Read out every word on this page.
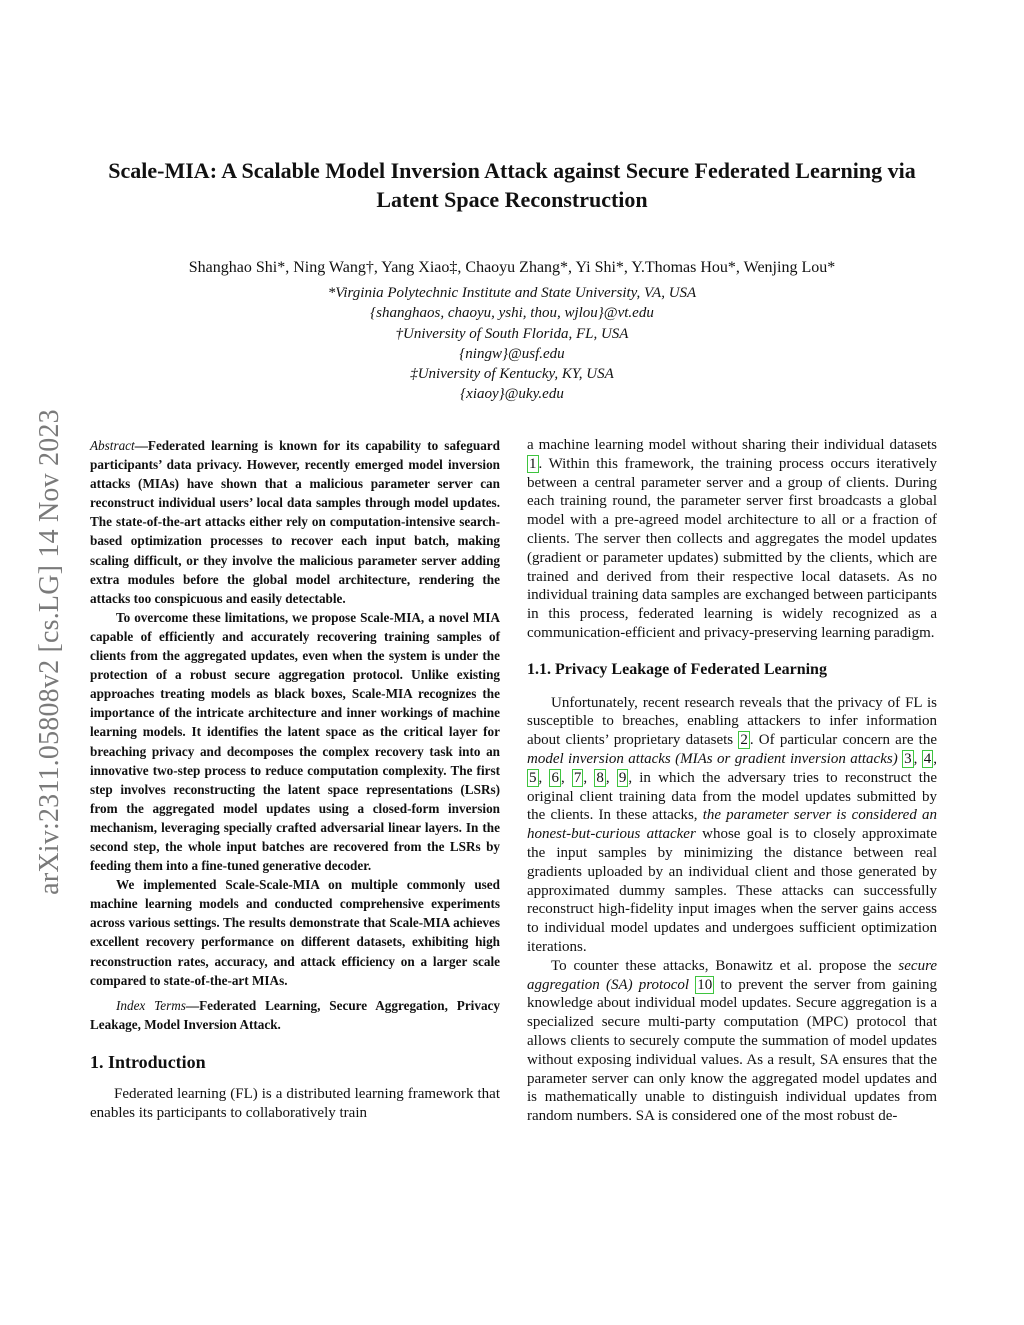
arXiv:2311.05808v2 [cs.LG] 14 Nov 2023
Scale-MIA: A Scalable Model Inversion Attack against Secure Federated Learning via
Latent Space Reconstruction
Shanghao Shi*, Ning Wang†, Yang Xiao‡, Chaoyu Zhang*, Yi Shi*, Y.Thomas Hou*, Wenjing Lou*
*Virginia Polytechnic Institute and State University, VA, USA
{shanghaos, chaoyu, yshi, thou, wjlou}@vt.edu
†University of South Florida, FL, USA
{ningw}@usf.edu
‡University of Kentucky, KY, USA
{xiaoy}@uky.edu

Abstract—Federated learning is known for its capability to safeguard participants’ data privacy. However, recently emerged model inversion attacks (MIAs) have shown that a malicious parameter server can reconstruct individual users’ local data samples through model updates. The state-of-the-art attacks either rely on computation-intensive search-based optimization processes to recover each input batch, making scaling difficult, or they involve the malicious parameter server adding extra modules before the global model architecture, rendering the attacks too conspicuous and easily detectable.

To overcome these limitations, we propose Scale-MIA, a novel MIA capable of efficiently and accurately recovering training samples of clients from the aggregated updates, even when the system is under the protection of a robust secure aggregation protocol. Unlike existing approaches treating models as black boxes, Scale-MIA recognizes the importance of the intricate architecture and inner workings of machine learning models. It identifies the latent space as the critical layer for breaching privacy and decomposes the complex recovery task into an innovative two-step process to reduce computation complexity. The first step involves reconstructing the latent space representations (LSRs) from the aggregated model updates using a closed-form inversion mechanism, leveraging specially crafted adversarial linear layers. In the second step, the whole input batches are recovered from the LSRs by feeding them into a fine-tuned generative decoder.

We implemented Scale-Scale-MIA on multiple commonly used machine learning models and conducted comprehensive experiments across various settings. The results demonstrate that Scale-MIA achieves excellent recovery performance on different datasets, exhibiting high reconstruction rates, accuracy, and attack efficiency on a larger scale compared to state-of-the-art MIAs.

Index Terms—Federated Learning, Secure Aggregation, Privacy Leakage, Model Inversion Attack.

1. Introduction

Federated learning (FL) is a distributed learning framework that enables its participants to collaboratively train

a machine learning model without sharing their individual datasets 1 . Within this framework, the training process occurs iteratively between a central parameter server and a group of clients. During each training round, the parameter server first broadcasts a global model with a pre-agreed model architecture to all or a fraction of clients. The server then collects and aggregates the model updates (gradient or parameter updates) submitted by the clients, which are trained and derived from their respective local datasets. As no individual training data samples are exchanged between participants in this process, federated learning is widely recognized as a communication-efficient and privacy-preserving learning paradigm.

1.1. Privacy Leakage of Federated Learning

Unfortunately, recent research reveals that the privacy of FL is susceptible to breaches, enabling attackers to infer information about clients’ proprietary datasets 2 . Of particular concern are the model inversion attacks (MIAs or gradient inversion attacks) 3 , 4 , 5 , 6 , 7 , 8 , 9 , in which the adversary tries to reconstruct the original client training data from the model updates submitted by the clients. In these attacks, the parameter server is considered an honest-but-curious attacker whose goal is to closely approximate the input samples by minimizing the distance between real gradients uploaded by an individual client and those generated by approximated dummy samples. These attacks can successfully reconstruct high-fidelity input images when the server gains access to individual model updates and undergoes sufficient optimization iterations.

To counter these attacks, Bonawitz et al. propose the secure aggregation (SA) protocol 10 to prevent the server from gaining knowledge about individual model updates. Secure aggregation is a specialized secure multi-party computation (MPC) protocol that allows clients to securely compute the summation of model updates without exposing individual values. As a result, SA ensures that the parameter server can only know the aggregated model updates and is mathematically unable to distinguish individual updates from random numbers. SA is considered one of the most robust de-
